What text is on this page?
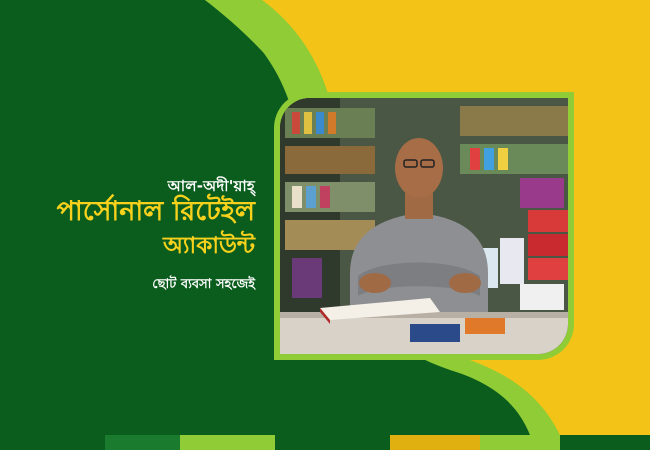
আল-অদী'য়াহ্
পার্সোনাল রিটেইল
অ্যাকাউন্ট
ছোট ব্যবসা সহজেই
